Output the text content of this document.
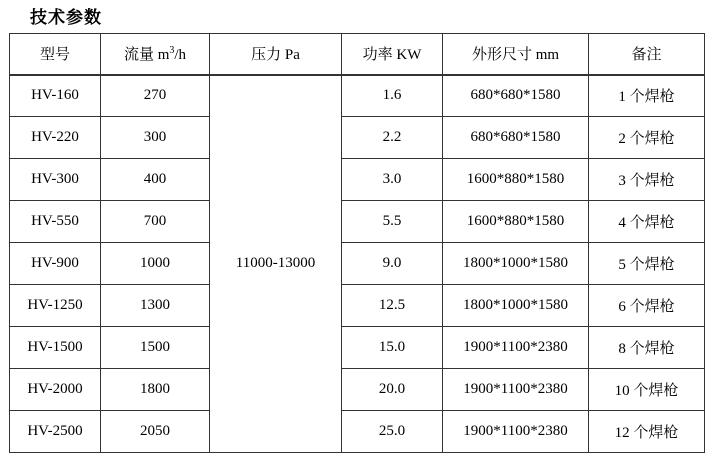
技术参数
型号	流量 $m^3/h$	压力 Pa	功率 KW	外形尺寸 mm	备注
HV-160	270	11000-13000	1.6	680*680*1580	1 个焊枪
HV-220	300		2.2	680*680*1580	2 个焊枪
HV-300	400		3.0	1600*880*1580	3 个焊枪
HV-550	700		5.5	1600*880*1580	4 个焊枪
HV-900	1000		9.0	1800*1000*1580	5 个焊枪
HV-1250	1300		12.5	1800*1000*1580	6 个焊枪
HV-1500	1500		15.0	1900*1100*2380	8 个焊枪
HV-2000	1800		20.0	1900*1100*2380	10 个焊枪
HV-2500	2050		25.0	1900*1100*2380	12 个焊枪
